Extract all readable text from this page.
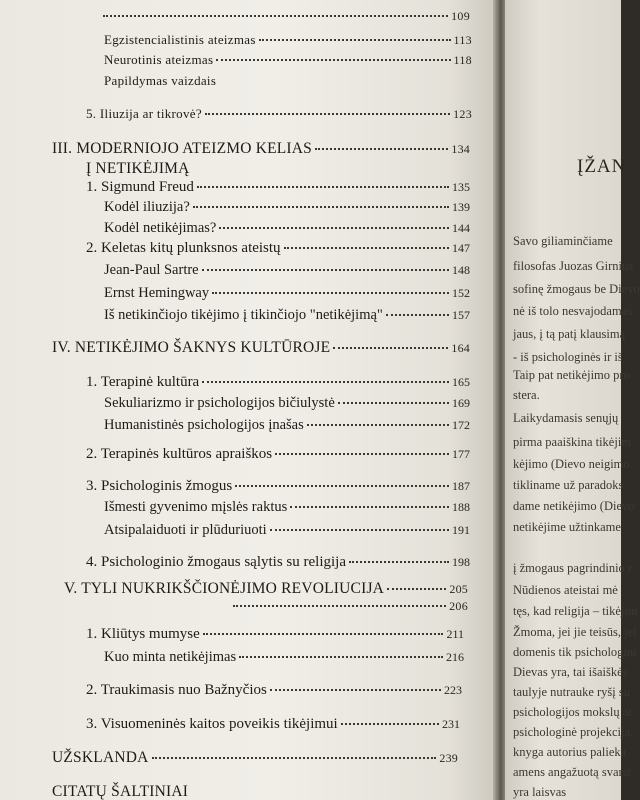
109
Egzistencialistinis ateizmas	113
Neurotinis ateizmas	118
Papildymas vaizdais
5. Iliuzija ar tikrovė?	123
III. MODERNIOJO ATEIZMO KELIAS	134
Į NETIKĖJIMĄ
1. Sigmund Freud	135
Kodėl iliuzija?	139
Kodėl netikėjimas?	144
2. Keletas kitų plunksnos ateistų	147
Jean-Paul Sartre	148
Ernst Hemingway	152
Iš netikinčiojo tikėjimo į tikinčiojo "netikėjimą"	157
IV. NETIKĖJIMO ŠAKNYS KULTŪROJE	164
1. Terapinė kultūra	165
Sekuliarizmo ir psichologijos bičiulystė	169
Humanistinės psichologijos įnašas	172
2. Terapinės kultūros apraiškos	177
3. Psichologinis žmogus	187
Išmesti gyvenimo mįslės raktus	188
Atsipalaiduoti ir plūduriuoti	191
4. Psichologinio žmogaus sąlytis su religija	198
V. TYLI NUKRIKŠČIONĖJIMO REVOLIUCIJA	205
206
1. Kliūtys mumyse	211
Kuo minta netikėjimas	216
2. Traukimasis nuo Bažnyčios	223
3. Visuomeninės kaitos poveikis tikėjimui	231
UŽSKLANDA	239
CITATŲ ŠALTINIAI
ĮŽAN
Savo giliaminčiame
filosofas Juozas Girnius
sofinę žmogaus be Dievo
nė iš tolo nesvajodamas
jaus, į tą patį klausimą
- iš psichologinės ir iš
Taip pat netikėjimo pro
stera.
Laikydamasis senųjų
pirma paaiškina tikėjim
kėjimo (Dievo neigimo
tikliname už paradoks
dame netikėjimo (Dievo
netikėjime užtinkame
į žmogaus pagrindinio r
Nūdienos ateistai mė
tęs, kad religija – tikėjim
Žmoma, jei jie teisūs, jei
domenis tik psichologini
Dievas yra, tai išaiškės
taulyje nutrauke ryšį su
psichologijos mokslų at
psichologinė projekcija,
knyga autorius palieka
amens angažuotą svarst
yra laisvas
